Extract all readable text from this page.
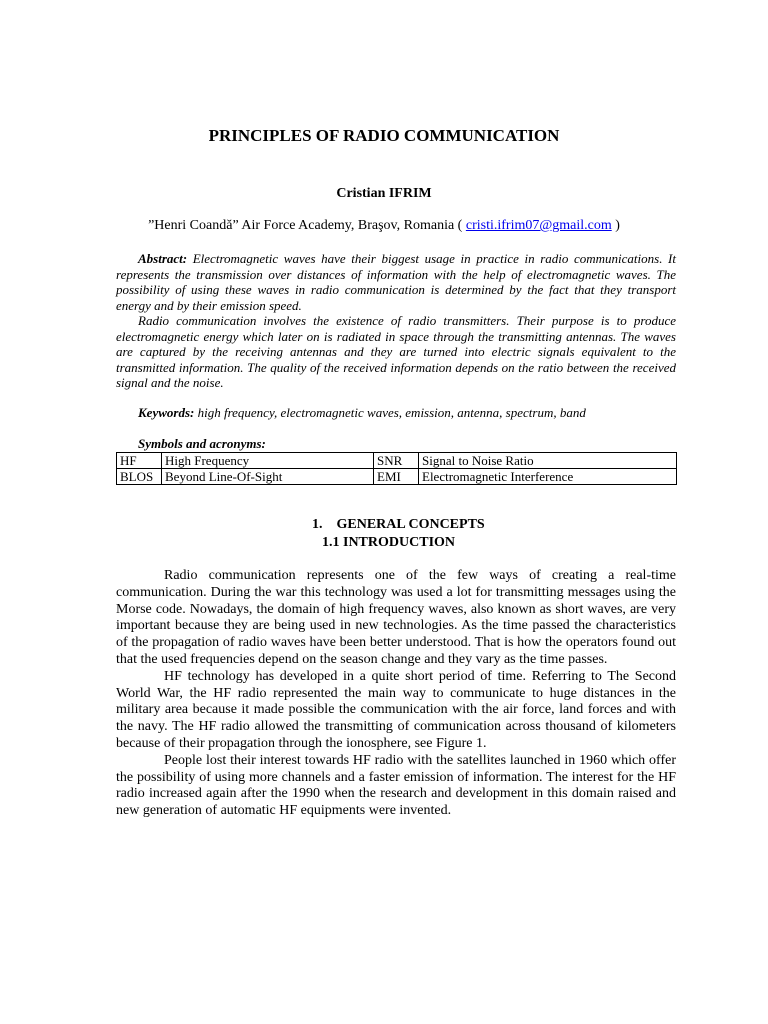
PRINCIPLES OF RADIO COMMUNICATION
Cristian IFRIM
”Henri Coandă” Air Force Academy, Braşov, Romania ( cristi.ifrim07@gmail.com )

Abstract: Electromagnetic waves have their biggest usage in practice in radio communications. It represents the transmission over distances of information with the help of electromagnetic waves. The possibility of using these waves in radio communication is determined by the fact that they transport energy and by their emission speed.

Radio communication involves the existence of radio transmitters. Their purpose is to produce electromagnetic energy which later on is radiated in space through the transmitting antennas. The waves are captured by the receiving antennas and they are turned into electric signals equivalent to the transmitted information. The quality of the received information depends on the ratio between the received signal and the noise.

Keywords: high frequency, electromagnetic waves, emission, antenna, spectrum, band
Symbols and acronyms:
HF	High Frequency	SNR	Signal to Noise Ratio
BLOS	Beyond Line-Of-Sight	EMI	Electromagnetic Interference
1.    GENERAL CONCEPTS
1.1 INTRODUCTION

Radio communication represents one of the few ways of creating a real-time communication. During the war this technology was used a lot for transmitting messages using the Morse code. Nowadays, the domain of high frequency waves, also known as short waves, are very important because they are being used in new technologies. As the time passed the characteristics of the propagation of radio waves have been better understood. That is how the operators found out that the used frequencies depend on the season change and they vary as the time passes.

HF technology has developed in a quite short period of time. Referring to The Second World War, the HF radio represented the main way to communicate to huge distances in the military area because it made possible the communication with the air force, land forces and with the navy. The HF radio allowed the transmitting of communication across thousand of kilometers because of their propagation through the ionosphere, see Figure 1.

People lost their interest towards HF radio with the satellites launched in 1960 which offer the possibility of using more channels and a faster emission of information. The interest for the HF radio increased again after the 1990 when the research and development in this domain raised and new generation of automatic HF equipments were invented.
